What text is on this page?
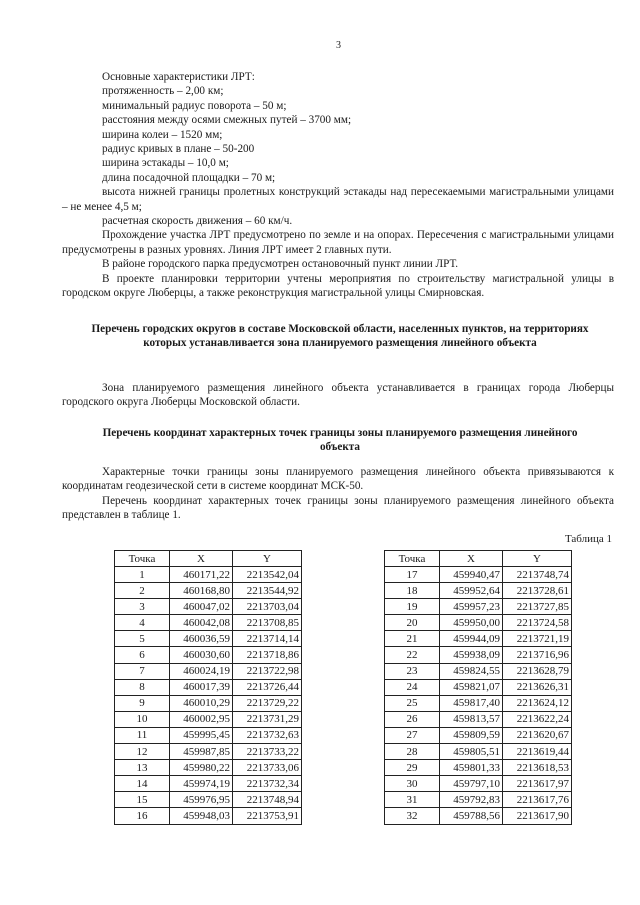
3

Основные характеристики ЛРТ:

протяженность – 2,00 км;

минимальный радиус поворота – 50 м;

расстояния между осями смежных путей – 3700 мм;

ширина колеи – 1520 мм;

радиус кривых в плане – 50-200

ширина эстакады – 10,0 м;

длина посадочной площадки – 70 м;

высота нижней границы пролетных конструкций эстакады над пересекаемыми магистральными улицами – не менее 4,5 м;

расчетная скорость движения – 60 км/ч.

Прохождение участка ЛРТ предусмотрено по земле и на опорах. Пересечения с магистральными улицами предусмотрены в разных уровнях. Линия ЛРТ имеет 2 главных пути.

В районе городского парка предусмотрен остановочный пункт линии ЛРТ.

В проекте планировки территории учтены мероприятия по строительству магистральной улицы в городском округе Люберцы, а также реконструкция магистральной улицы Смирновская.

Перечень городских округов в составе Московской области, населенных пунктов, на территориях которых устанавливается зона планируемого размещения линейного объекта

Зона планируемого размещения линейного объекта устанавливается в границах города Люберцы городского округа Люберцы Московской области.

Перечень координат характерных точек границы зоны планируемого размещения линейного объекта

Характерные точки границы зоны планируемого размещения линейного объекта привязываются к координатам геодезической сети в системе координат МСК-50.

Перечень координат характерных точек границы зоны планируемого размещения линейного объекта представлен в таблице 1.

Таблица 1
Точка	X	Y
1	460171,22	2213542,04
2	460168,80	2213544,92
3	460047,02	2213703,04
4	460042,08	2213708,85
5	460036,59	2213714,14
6	460030,60	2213718,86
7	460024,19	2213722,98
8	460017,39	2213726,44
9	460010,29	2213729,22
10	460002,95	2213731,29
11	459995,45	2213732,63
12	459987,85	2213733,22
13	459980,22	2213733,06
14	459974,19	2213732,34
15	459976,95	2213748,94
16	459948,03	2213753,91
Точка	X	Y
17	459940,47	2213748,74
18	459952,64	2213728,61
19	459957,23	2213727,85
20	459950,00	2213724,58
21	459944,09	2213721,19
22	459938,09	2213716,96
23	459824,55	2213628,79
24	459821,07	2213626,31
25	459817,40	2213624,12
26	459813,57	2213622,24
27	459809,59	2213620,67
28	459805,51	2213619,44
29	459801,33	2213618,53
30	459797,10	2213617,97
31	459792,83	2213617,76
32	459788,56	2213617,90
